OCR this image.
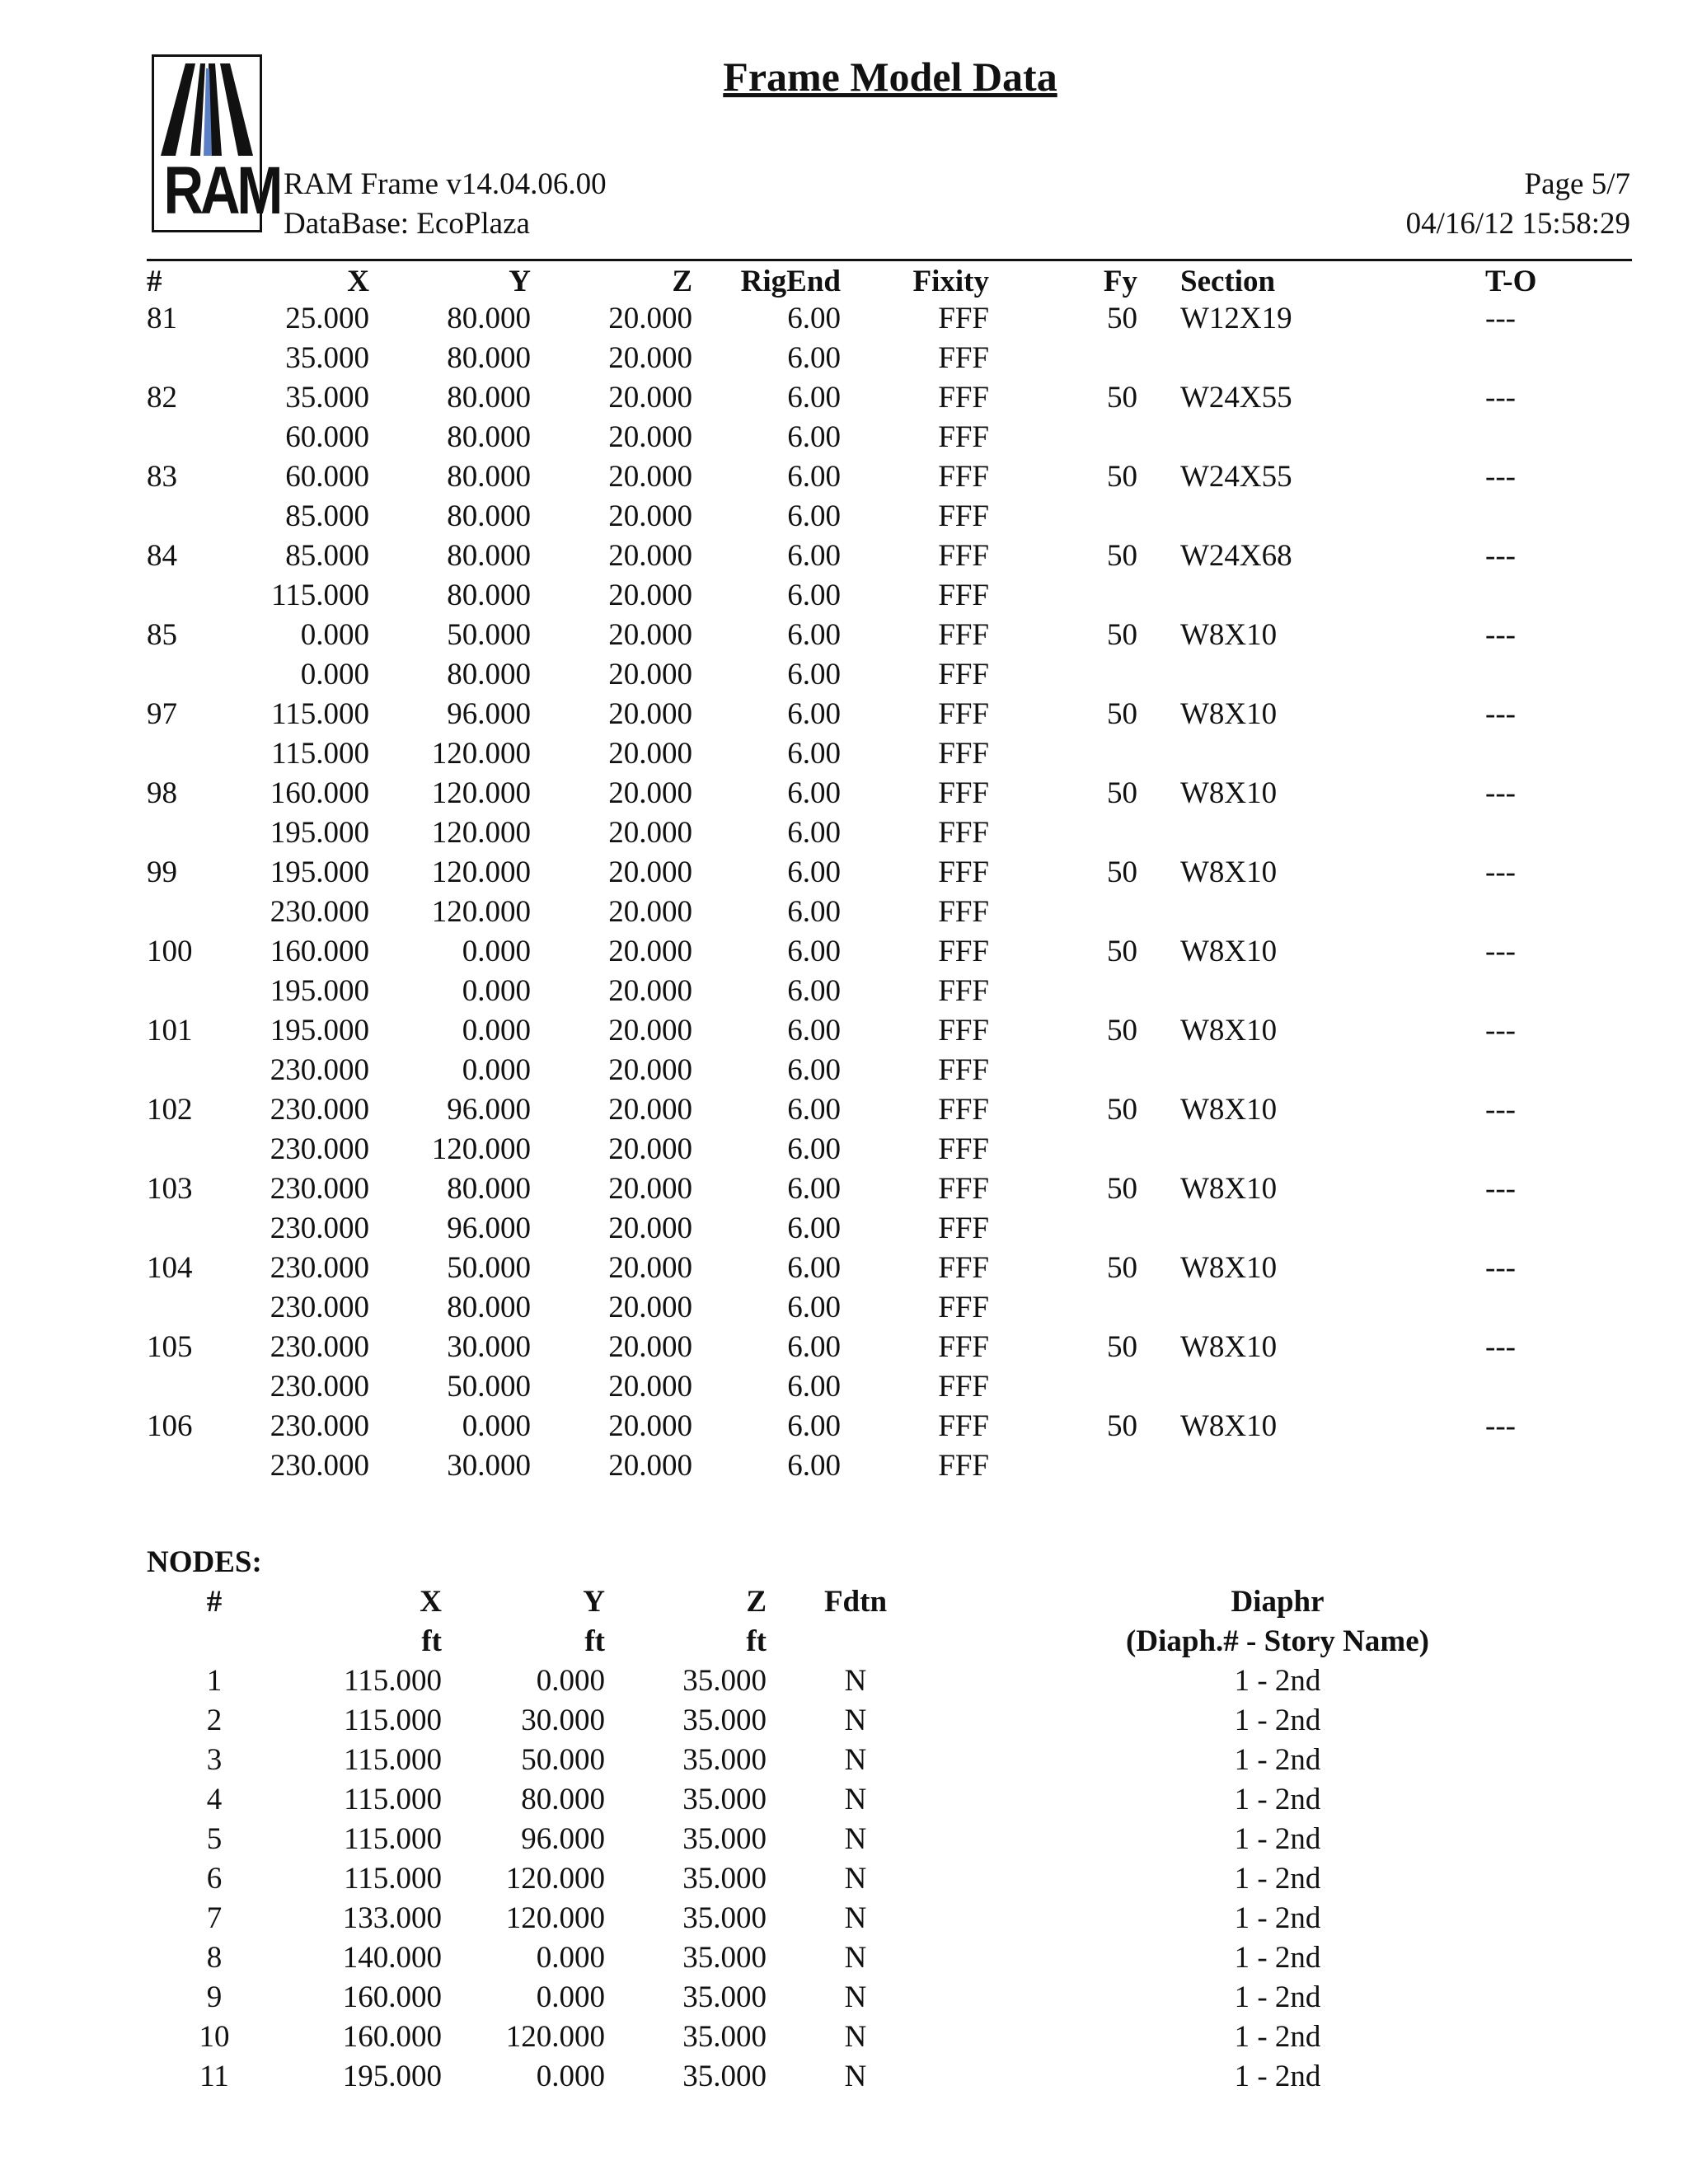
RAM
Frame Model Data
RAM Frame v14.04.06.00
DataBase: EcoPlaza
Page 5/7
04/16/12 15:58:29
#	X	Y	Z RigEnd Fixity	Fy Section	T-O
81	25.000	80.000	20.000	6.00	FFF	50 W12X19	---
35.000	80.000	20.000	6.00	FFF
82	35.000	80.000	20.000	6.00	FFF	50 W24X55	---
60.000	80.000	20.000	6.00	FFF
83	60.000	80.000	20.000	6.00	FFF	50 W24X55	---
85.000	80.000	20.000	6.00	FFF
84	85.000	80.000	20.000	6.00	FFF	50 W24X68	---
115.000	80.000	20.000	6.00	FFF
85	0.000	50.000	20.000	6.00	FFF	50 W8X10	---
0.000	80.000	20.000	6.00	FFF
97	115.000	96.000	20.000	6.00	FFF	50 W8X10	---
115.000 120.000	20.000	6.00	FFF
98	160.000 120.000	20.000	6.00	FFF	50 W8X10	---
195.000 120.000	20.000	6.00	FFF
99	195.000 120.000	20.000	6.00	FFF	50 W8X10	---
230.000 120.000	20.000	6.00	FFF
100	160.000	0.000	20.000	6.00	FFF	50 W8X10	---
195.000	0.000	20.000	6.00	FFF
101	195.000	0.000	20.000	6.00	FFF	50 W8X10	---
230.000	0.000	20.000	6.00	FFF
102	230.000	96.000	20.000	6.00	FFF	50 W8X10	---
230.000 120.000	20.000	6.00	FFF
103	230.000	80.000	20.000	6.00	FFF	50 W8X10	---
230.000	96.000	20.000	6.00	FFF
104	230.000	50.000	20.000	6.00	FFF	50 W8X10	---
230.000	80.000	20.000	6.00	FFF
105	230.000	30.000	20.000	6.00	FFF	50 W8X10	---
230.000	50.000	20.000	6.00	FFF
106	230.000	0.000	20.000	6.00	FFF	50 W8X10	---
230.000	30.000	20.000	6.00	FFF
NODES:
#	X	Y	Z	Fdtn	Diaphr
ft	ft	ft	(Diaph.# - Story Name)
1	115.000	0.000	35.000	N	1 - 2nd
2	115.000	30.000	35.000	N	1 - 2nd
3	115.000	50.000	35.000	N	1 - 2nd
4	115.000	80.000	35.000	N	1 - 2nd
5	115.000	96.000	35.000	N	1 - 2nd
6	115.000 120.000	35.000	N	1 - 2nd
7	133.000 120.000	35.000	N	1 - 2nd
8	140.000	0.000	35.000	N	1 - 2nd
9	160.000	0.000	35.000	N	1 - 2nd
10	160.000 120.000	35.000	N	1 - 2nd
11	195.000	0.000	35.000	N	1 - 2nd
